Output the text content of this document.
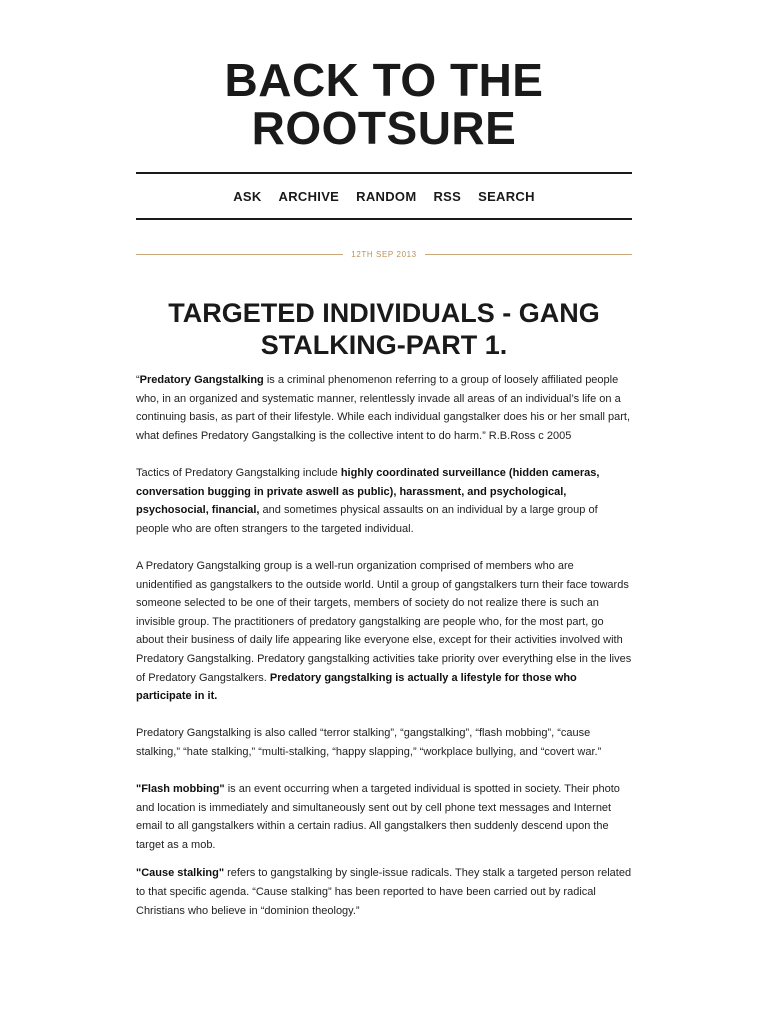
BACK TO THE
ROOTSURE
ASK ARCHIVE RANDOM RSS SEARCH
12TH SEP 2013
TARGETED INDIVIDUALS - GANG
STALKING-PART 1.

“Predatory Gangstalking is a criminal phenomenon referring to a group of loosely affiliated people who, in an organized and systematic manner, relentlessly invade all areas of an individual’s life on a continuing basis, as part of their lifestyle. While each individual gangstalker does his or her small part, what defines Predatory Gangstalking is the collective intent to do harm.” R.B.Ross c 2005

Tactics of Predatory Gangstalking include highly coordinated surveillance (hidden cameras, conversation bugging in private aswell as public), harassment, and psychological, psychosocial, financial, and sometimes physical assaults on an individual by a large group of people who are often strangers to the targeted individual.

A Predatory Gangstalking group is a well-run organization comprised of members who are unidentified as gangstalkers to the outside world. Until a group of gangstalkers turn their face towards someone selected to be one of their targets, members of society do not realize there is such an invisible group. The practitioners of predatory gangstalking are people who, for the most part, go about their business of daily life appearing like everyone else, except for their activities involved with Predatory Gangstalking. Predatory gangstalking activities take priority over everything else in the lives of Predatory Gangstalkers. Predatory gangstalking is actually a lifestyle for those who participate in it.

Predatory Gangstalking is also called “terror stalking”, “gangstalking”, “flash mobbing”, “cause stalking,” “hate stalking,” “multi-stalking, “happy slapping,” “workplace bullying, and “covert war.”

"Flash mobbing" is an event occurring when a targeted individual is spotted in society. Their photo and location is immediately and simultaneously sent out by cell phone text messages and Internet email to all gangstalkers within a certain radius. All gangstalkers then suddenly descend upon the target as a mob.

"Cause stalking" refers to gangstalking by single-issue radicals. They stalk a targeted person related to that specific agenda. “Cause stalking” has been reported to have been carried out by radical Christians who believe in “dominion theology.”
